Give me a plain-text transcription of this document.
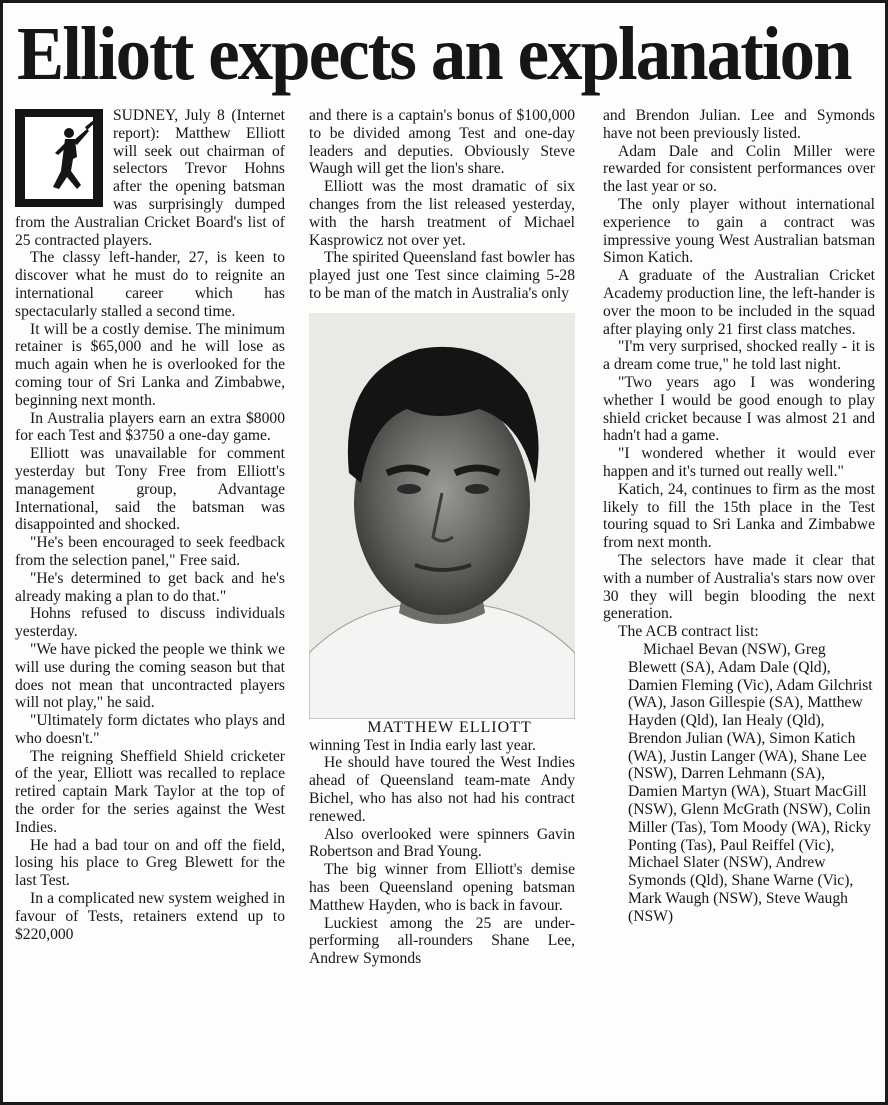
Elliott expects an explanation

SUDNEY, July 8 (Internet report): Matthew Elliott will seek out chairman of selectors Trevor Hohns after the opening batsman was surprisingly dumped from the Australian Cricket Board's list of 25 contracted players.

The classy left-hander, 27, is keen to discover what he must do to reignite an international career which has spectacularly stalled a second time.

It will be a costly demise. The minimum retainer is $65,000 and he will lose as much again when he is overlooked for the coming tour of Sri Lanka and Zimbabwe, beginning next month.

In Australia players earn an extra $8000 for each Test and $3750 a one-day game.

Elliott was unavailable for comment yesterday but Tony Free from Elliott's management group, Advantage International, said the batsman was disappointed and shocked.

"He's been encouraged to seek feedback from the selection panel," Free said.

"He's determined to get back and he's already making a plan to do that."

Hohns refused to discuss individuals yesterday.

"We have picked the people we think we will use during the coming season but that does not mean that uncontracted players will not play," he said.

"Ultimately form dictates who plays and who doesn't."

The reigning Sheffield Shield cricketer of the year, Elliott was recalled to replace retired captain Mark Taylor at the top of the order for the series against the West Indies.

He had a bad tour on and off the field, losing his place to Greg Blewett for the last Test.

In a complicated new system weighed in favour of Tests, retainers extend up to $220,000

and there is a captain's bonus of $100,000 to be divided among Test and one-day leaders and deputies. Obviously Steve Waugh will get the lion's share.

Elliott was the most dramatic of six changes from the list released yesterday, with the harsh treatment of Michael Kasprowicz not over yet.

The spirited Queensland fast bowler has played just one Test since claiming 5-28 to be man of the match in Australia's only

MATTHEW ELLIOTT

winning Test in India early last year.

He should have toured the West Indies ahead of Queensland team-mate Andy Bichel, who has also not had his contract renewed.

Also overlooked were spinners Gavin Robertson and Brad Young.

The big winner from Elliott's demise has been Queensland opening batsman Matthew Hayden, who is back in favour.

Luckiest among the 25 are under-performing all-rounders Shane Lee, Andrew Symonds

and Brendon Julian. Lee and Symonds have not been previously listed.

Adam Dale and Colin Miller were rewarded for consistent performances over the last year or so.

The only player without international experience to gain a contract was impressive young West Australian batsman Simon Katich.

A graduate of the Australian Cricket Academy production line, the left-hander is over the moon to be included in the squad after playing only 21 first class matches.

"I'm very surprised, shocked really - it is a dream come true," he told last night.

"Two years ago I was wondering whether I would be good enough to play shield cricket because I was almost 21 and hadn't had a game.

"I wondered whether it would ever happen and it's turned out really well."

Katich, 24, continues to firm as the most likely to fill the 15th place in the Test touring squad to Sri Lanka and Zimbabwe from next month.

The selectors have made it clear that with a number of Australia's stars now over 30 they will begin blooding the next generation.

The ACB contract list:

Michael Bevan (NSW), Greg Blewett (SA), Adam Dale (Qld), Damien Fleming (Vic), Adam Gilchrist (WA), Jason Gillespie (SA), Matthew Hayden (Qld), Ian Healy (Qld), Brendon Julian (WA), Simon Katich (WA), Justin Langer (WA), Shane Lee (NSW), Darren Lehmann (SA), Damien Martyn (WA), Stuart MacGill (NSW), Glenn McGrath (NSW), Colin Miller (Tas), Tom Moody (WA), Ricky Ponting (Tas), Paul Reiffel (Vic), Michael Slater (NSW), Andrew Symonds (Qld), Shane Warne (Vic), Mark Waugh (NSW), Steve Waugh (NSW)
